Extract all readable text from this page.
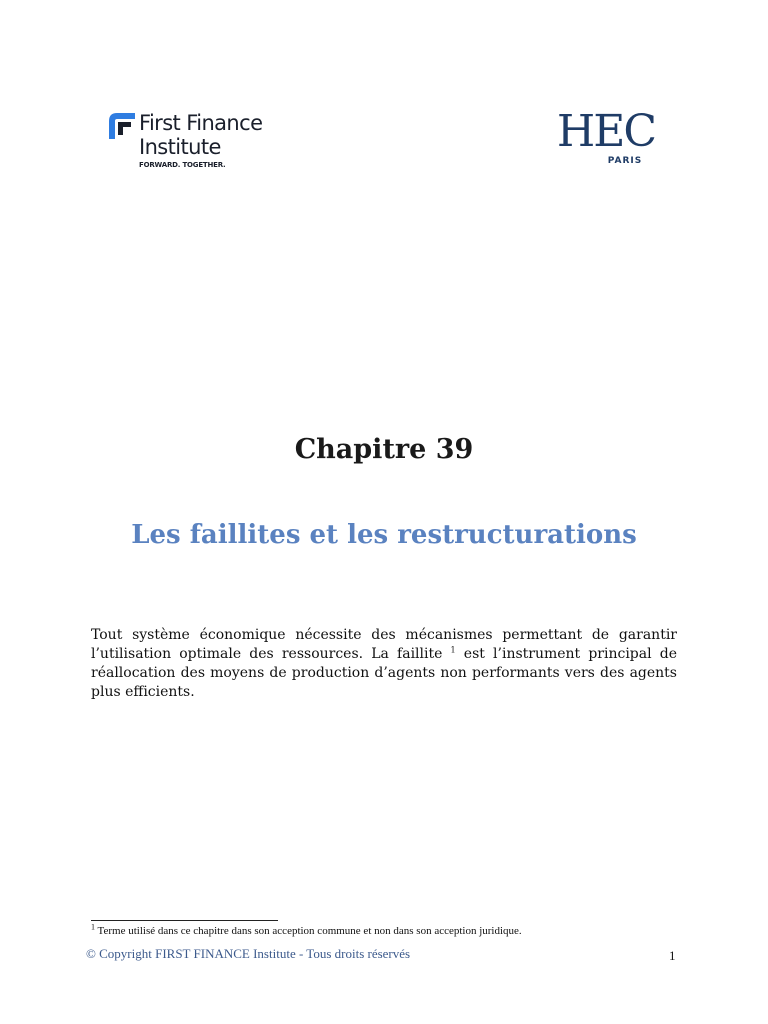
First Finance
Institute
FORWARD. TOGETHER.
HEC
PARIS
Chapitre 39
Les faillites et les restructurations
Tout système économique nécessite des mécanismes permettant de garantir l’utilisation optimale des ressources. La faillite $^1$ est l’instrument principal de réallocation des moyens de production d’agents non performants vers des agents plus efficients.
$^1$ Terme utilisé dans ce chapitre dans son acception commune et non dans son acception juridique.
© Copyright FIRST FINANCE Institute - Tous droits réservés	1
